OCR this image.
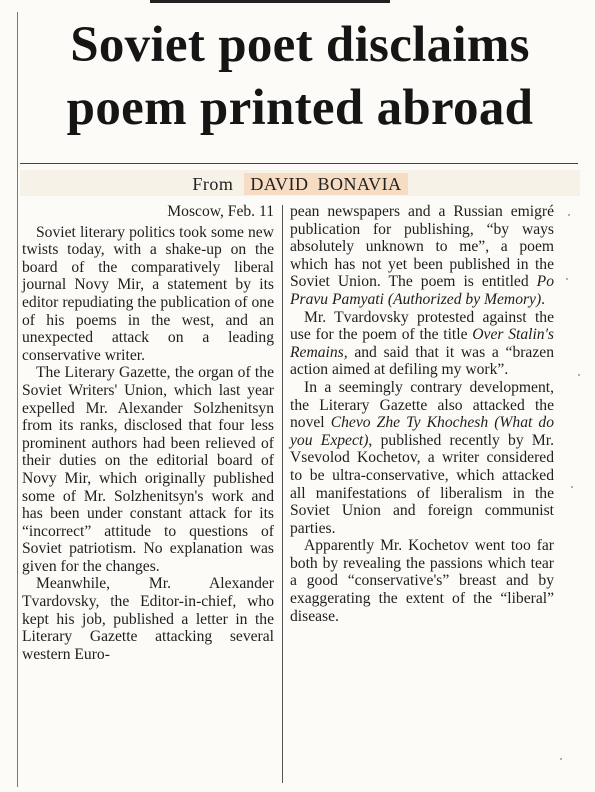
Soviet poet disclaims
poem printed abroad
From DAVID BONAVIA
Moscow, Feb. 11

Soviet literary politics took some new twists today, with a shake-up on the board of the comparatively liberal journal Novy Mir, a statement by its editor repudiating the publication of one of his poems in the west, and an unexpected attack on a leading conservative writer.

The Literary Gazette, the organ of the Soviet Writers' Union, which last year expelled Mr. Alexander Solzhenitsyn from its ranks, disclosed that four less prominent authors had been relieved of their duties on the editorial board of Novy Mir, which originally published some of Mr. Solzhenitsyn's work and has been under constant attack for its “incorrect” attitude to questions of Soviet patriotism. No explanation was given for the changes.

Meanwhile, Mr. Alexander Tvardovsky, the Editor-in-chief, who kept his job, published a letter in the Literary Gazette attacking several western Euro-

pean newspapers and a Russian emigré publication for publishing, “by ways absolutely unknown to me”, a poem which has not yet been published in the Soviet Union. The poem is entitled Po Pravu Pamyati (Authorized by Memory).

Mr. Tvardovsky protested against the use for the poem of the title Over Stalin's Remains, and said that it was a “brazen action aimed at defiling my work”.

In a seemingly contrary development, the Literary Gazette also attacked the novel Chevo Zhe Ty Khochesh (What do you Expect), published recently by Mr. Vsevolod Kochetov, a writer considered to be ultra-conservative, which attacked all manifestations of liberalism in the Soviet Union and foreign communist parties.

Apparently Mr. Kochetov went too far both by revealing the passions which tear a good “conservative's” breast and by exaggerating the extent of the “liberal” disease.
